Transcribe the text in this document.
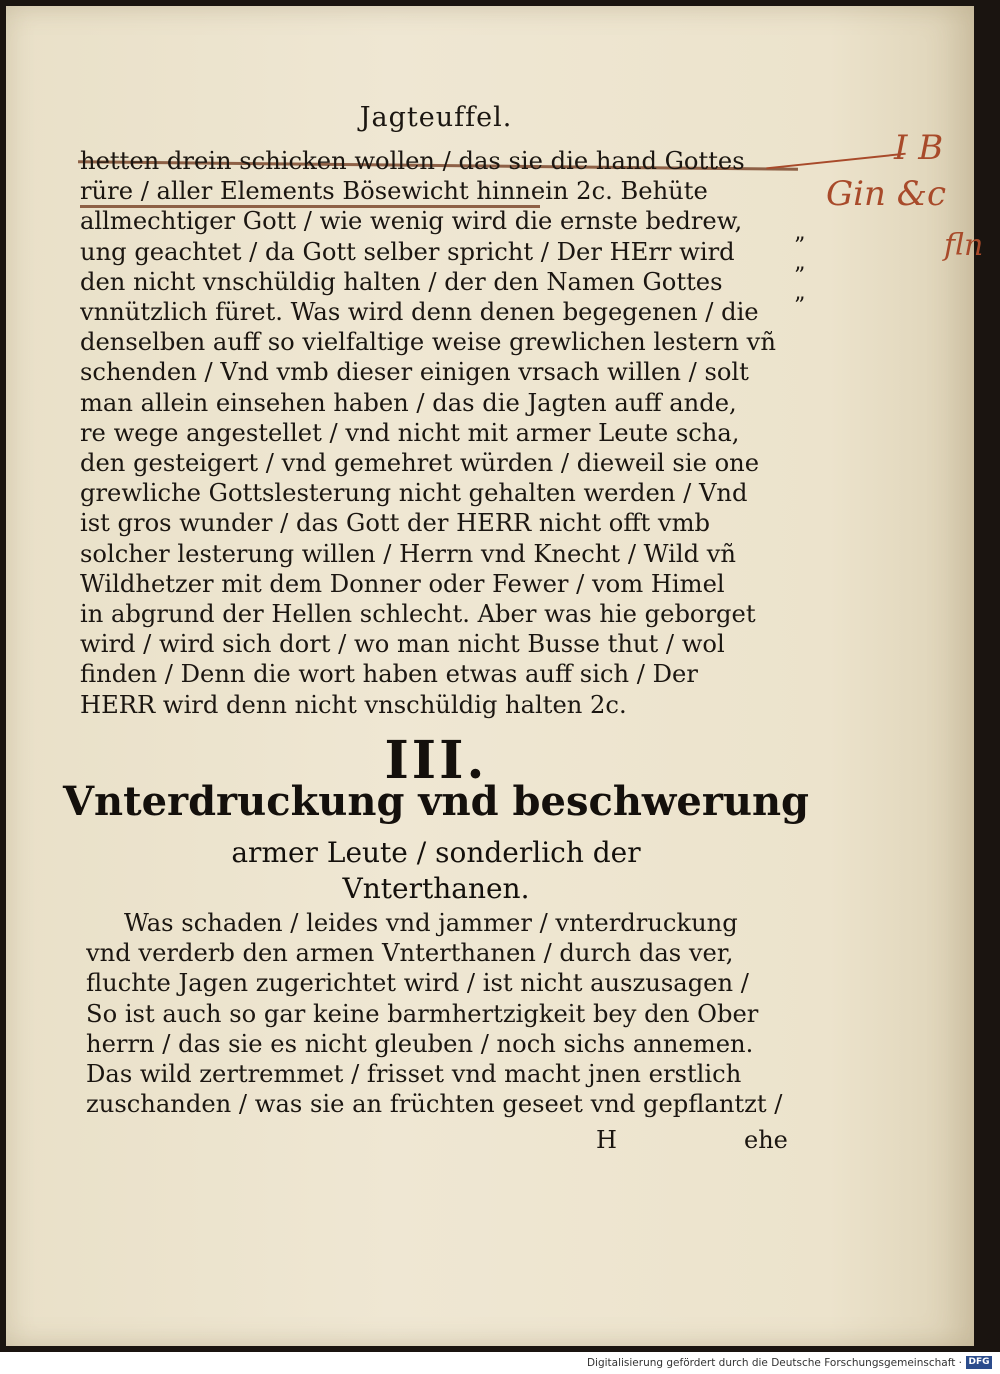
Jagteuffel.
hetten drein schicken wollen / das sie die hand Gottes
rüre / aller Elements Bösewicht hinnein 2c. Behüte
allmechtiger Gott / wie wenig wird die ernste bedrew,
ung geachtet / da Gott selber spricht / Der HErr wird
den nicht vnschüldig halten / der den Namen Gottes
vnnützlich füret. Was wird denn denen begegenen / die
denselben auff so vielfaltige weise grewlichen lestern vñ
schenden / Vnd vmb dieser einigen vrsach willen / solt
man allein einsehen haben / das die Jagten auff ande,
re wege angestellet / vnd nicht mit armer Leute scha,
den gesteigert / vnd gemehret würden / dieweil sie one
grewliche Gottslesterung nicht gehalten werden / Vnd
ist gros wunder / das Gott der HERR nicht offt vmb
solcher lesterung willen / Herrn vnd Knecht / Wild vñ
Wildhetzer mit dem Donner oder Fewer / vom Himel
in abgrund der Hellen schlecht. Aber was hie geborget
wird / wird sich dort / wo man nicht Busse thut / wol
finden / Denn die wort haben etwas auff sich / Der
HERR wird denn nicht vnschüldig halten 2c.
”
”
”
I B
Gin &c
fln
III.
Vnterdruckung vnd beschwerung
armer Leute / sonderlich der
Vnterthanen.
Was schaden / leides vnd jammer / vnterdruckung
vnd verderb den armen Vnterthanen / durch das ver,
fluchte Jagen zugerichtet wird / ist nicht auszusagen /
So ist auch so gar keine barmhertzigkeit bey den Ober
herrn / das sie es nicht gleuben / noch sichs annemen.
Das wild zertremmet / frisset vnd macht jnen erstlich
zuschanden / was sie an früchten geseet vnd gepflantzt /
H	ehe
Digitalisierung gefördert durch die Deutsche Forschungsgemeinschaft · DFG
